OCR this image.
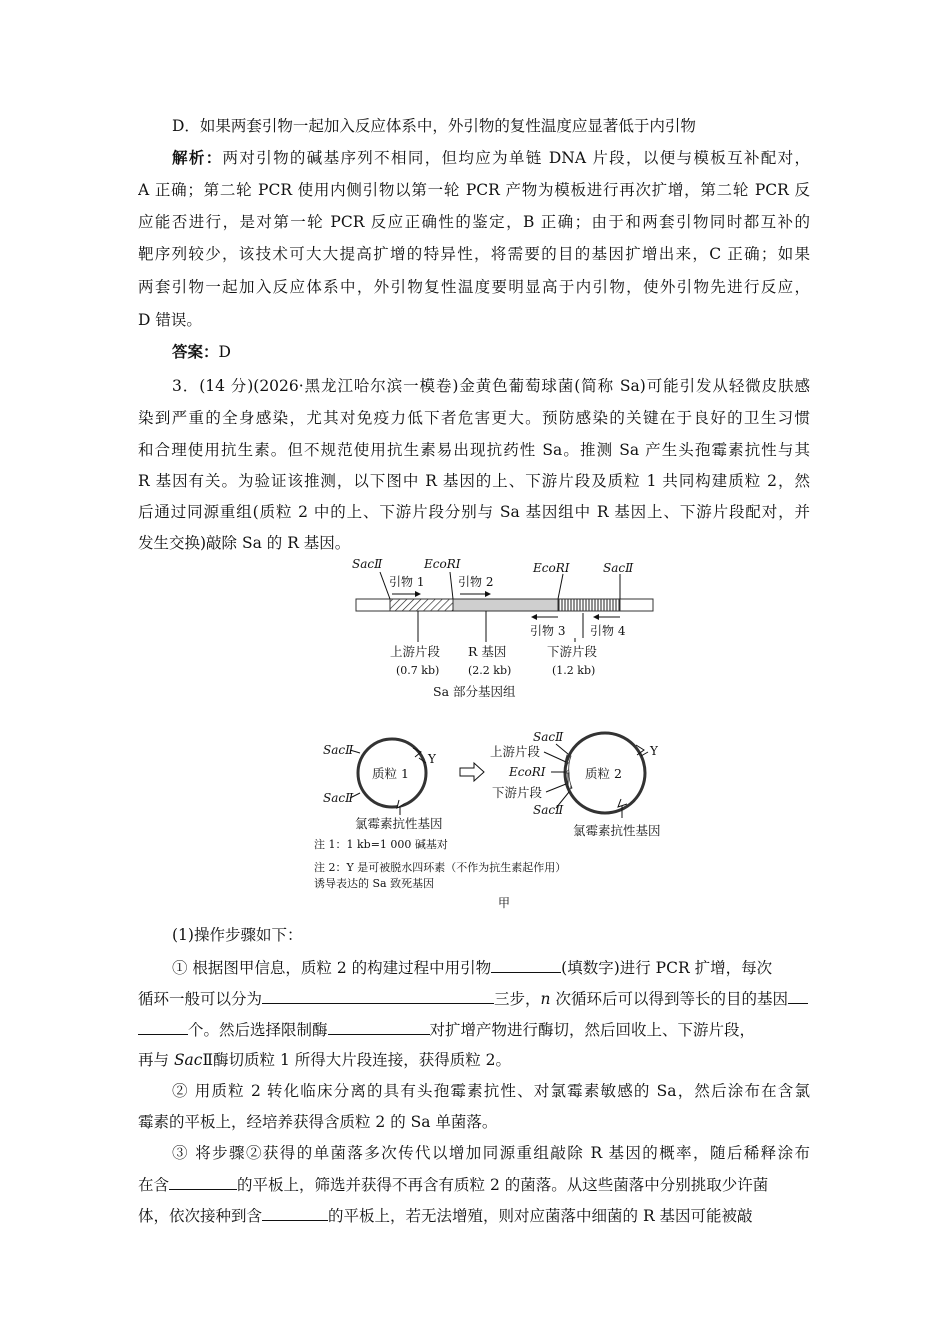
D．如果两套引物一起加入反应体系中，外引物的复性温度应显著低于内引物
解析：两对引物的碱基序列不相同，但均应为单链 DNA 片段，以便与模板互补配对，
A 正确；第二轮 PCR 使用内侧引物以第一轮 PCR 产物为模板进行再次扩增，第二轮 PCR 反
应能否进行，是对第一轮 PCR 反应正确性的鉴定，B 正确；由于和两套引物同时都互补的
靶序列较少，该技术可大大提高扩增的特异性，将需要的目的基因扩增出来，C 正确；如果
两套引物一起加入反应体系中，外引物复性温度要明显高于内引物，使外引物先进行反应，
D 错误。
答案：D
3．(14 分)(2026·黑龙江哈尔滨一模卷)金黄色葡萄球菌(简称 Sa)可能引发从轻微皮肤感
染到严重的全身感染，尤其对免疫力低下者危害更大。预防感染的关键在于良好的卫生习惯
和合理使用抗生素。但不规范使用抗生素易出现抗药性 Sa。推测 Sa 产生头孢霉素抗性与其
R 基因有关。为验证该推测，以下图中 R 基因的上、下游片段及质粒 1 共同构建质粒 2，然
后通过同源重组(质粒 2 中的上、下游片段分别与 Sa 基因组中 R 基因上、下游片段配对，并
发生交换)敲除 Sa 的 R 基因。
SacⅡ	EcoRⅠ	EcoRⅠ	SacⅡ
引物 1	引物 2
引物 3 引物 4
上游片段
(0.7 kb)
R 基因
(2.2 kb)
下游片段
(1.2 kb)
Sa 部分基因组
质粒 1
SacⅡ
SacⅡ
Y
氯霉素抗性基因
质粒 2
SacⅡ
上游片段
EcoRⅠ
下游片段
SacⅡ
Y
氯霉素抗性基因
注 1：1 kb=1 000 碱基对
注 2：Y 是可被脱水四环素（不作为抗生素起作用）
诱导表达的 Sa 致死基因
甲
(1)操作步骤如下：
① 根据图甲信息，质粒 2 的构建过程中用引物	(填数字)进行 PCR 扩增，每次
循环一般可以分为	三步，n 次循环后可以得到等长的目的基因
个。然后选择限制酶	对扩增产物进行酶切，然后回收上、下游片段，
再与 SacⅡ酶切质粒 1 所得大片段连接，获得质粒 2。
② 用质粒 2 转化临床分离的具有头孢霉素抗性、对氯霉素敏感的 Sa，然后涂布在含氯
霉素的平板上，经培养获得含质粒 2 的 Sa 单菌落。
③ 将步骤②获得的单菌落多次传代以增加同源重组敲除 R 基因的概率，随后稀释涂布
在含	的平板上，筛选并获得不再含有质粒 2 的菌落。从这些菌落中分别挑取少许菌
体，依次接种到含	的平板上，若无法增殖，则对应菌落中细菌的 R 基因可能被敲
